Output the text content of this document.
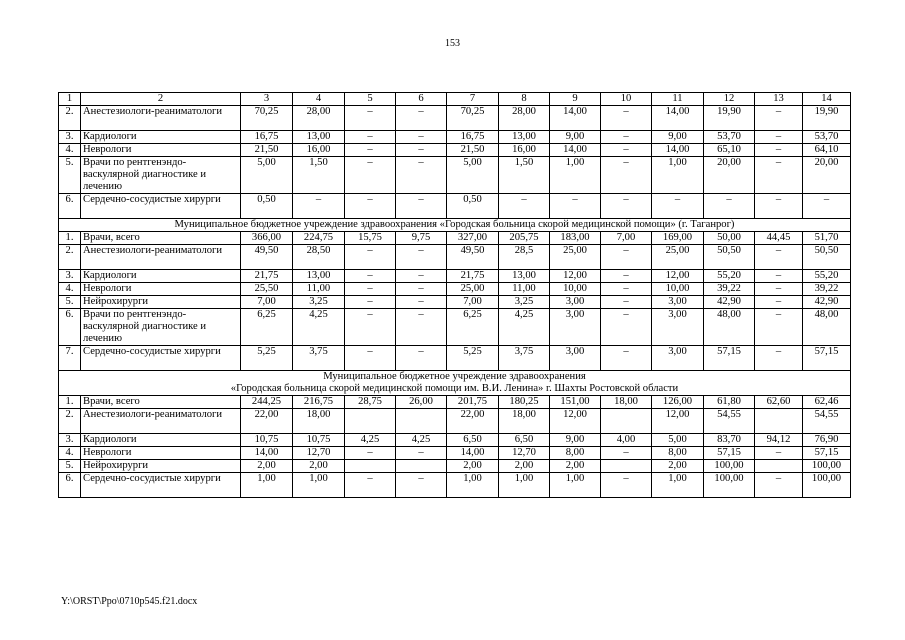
153
1	2	3	4	5	6	7	8	9	10	11	12	13	14
2.	Анестезиологи-реаниматологи	70,25	28,00	–	–	70,25	28,00	14,00	–	14,00	19,90	–	19,90
3.	Кардиологи	16,75	13,00	–	–	16,75	13,00	9,00	–	9,00	53,70	–	53,70
4.	Неврологи	21,50	16,00	–	–	21,50	16,00	14,00	–	14,00	65,10	–	64,10
5.	Врачи по рентгенэндо-васкулярной диагностике и лечению	5,00	1,50	–	–	5,00	1,50	1,00	–	1,00	20,00	–	20,00
6.	Сердечно-сосудистые хирурги	0,50	–	–	–	0,50	–	–	–	–	–	–	–
Муниципальное бюджетное учреждение здравоохранения «Городская больница скорой медицинской помощи» (г. Таганрог)													
1.	Врачи, всего	366,00	224,75	15,75	9,75	327,00	205,75	183,00	7,00	169,00	50,00	44,45	51,70
2.	Анестезиологи-реаниматологи	49,50	28,50	–	–	49,50	28,5	25,00	–	25,00	50,50	–	50,50
3.	Кардиологи	21,75	13,00	–	–	21,75	13,00	12,00	–	12,00	55,20	–	55,20
4.	Неврологи	25,50	11,00	–	–	25,00	11,00	10,00	–	10,00	39,22	–	39,22
5.	Нейрохирурги	7,00	3,25	–	–	7,00	3,25	3,00	–	3,00	42,90	–	42,90
6.	Врачи по рентгенэндо-васкулярной диагностике и лечению	6,25	4,25	–	–	6,25	4,25	3,00	–	3,00	48,00	–	48,00
7.	Сердечно-сосудистые хирурги	5,25	3,75	–	–	5,25	3,75	3,00	–	3,00	57,15	–	57,15

Муниципальное бюджетное учреждение здравоохранения
«Городская больница скорой медицинской помощи им. В.И. Ленина» г. Шахты Ростовской области													

1.	Врачи, всего	244,25	216,75	28,75	26,00	201,75	180,25	151,00	18,00	126,00	61,80	62,60	62,46
2.	Анестезиологи-реаниматологи	22,00	18,00			22,00	18,00	12,00		12,00	54,55		54,55
3.	Кардиологи	10,75	10,75	4,25	4,25	6,50	6,50	9,00	4,00	5,00	83,70	94,12	76,90
4.	Неврологи	14,00	12,70	–	–	14,00	12,70	8,00	–	8,00	57,15	–	57,15
5.	Нейрохирурги	2,00	2,00			2,00	2,00	2,00		2,00	100,00		100,00
6.	Сердечно-сосудистые хирурги	1,00	1,00	–	–	1,00	1,00	1,00	–	1,00	100,00	–	100,00
Y:\ORST\Ppo\0710p545.f21.docx
